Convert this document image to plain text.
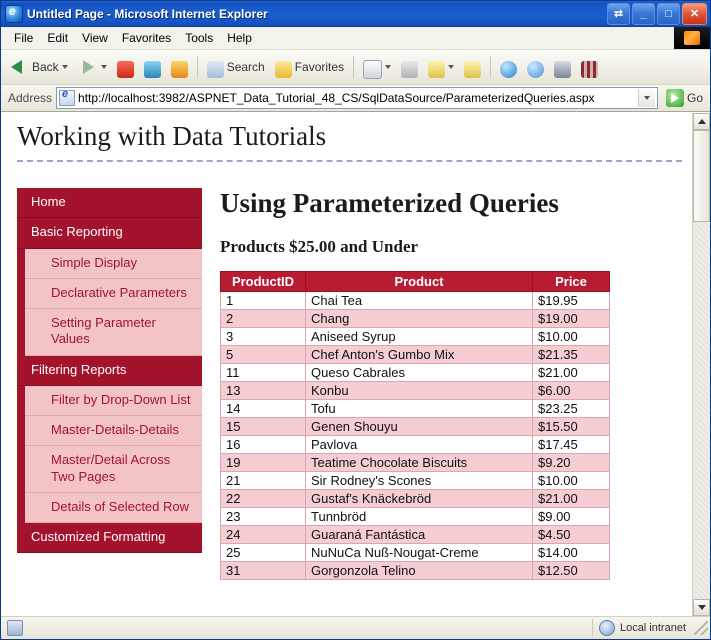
e
Untitled Page - Microsoft Internet Explorer	⮂	_	□	✕
File	Edit	View	Favorites	Tools	Help
Back	Search	Favorites
Address e http://localhost:3982/ASPNET_Data_Tutorial_48_CS/SqlDataSource/ParameterizedQueries.aspx	Go
Working with Data Tutorials
Home
Basic Reporting
Simple Display
Declarative Parameters
Setting Parameter Values
Filtering Reports
Filter by Drop-Down List
Master-Details-Details
Master/Detail Across Two Pages
Details of Selected Row
Customized Formatting
Using Parameterized Queries
Products $25.00 and Under
ProductID	Product	Price
1	Chai Tea	$19.95
2	Chang	$19.00
3	Aniseed Syrup	$10.00
5	Chef Anton's Gumbo Mix	$21.35
11	Queso Cabrales	$21.00
13	Konbu	$6.00
14	Tofu	$23.25
15	Genen Shouyu	$15.50
16	Pavlova	$17.45
19	Teatime Chocolate Biscuits	$9.20
21	Sir Rodney's Scones	$10.00
22	Gustaf's Knäckebröd	$21.00
23	Tunnbröd	$9.00
24	Guaraná Fantástica	$4.50
25	NuNuCa Nuß-Nougat-Creme	$14.00
31	Gorgonzola Telino	$12.50
Local intranet
